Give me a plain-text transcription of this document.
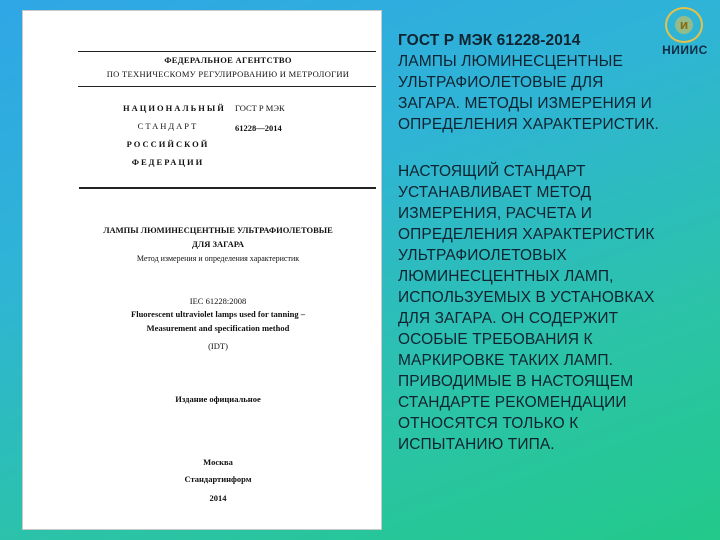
ФЕДЕРАЛЬНОЕ АГЕНТСТВО
ПО ТЕХНИЧЕСКОМУ РЕГУЛИРОВАНИЮ И МЕТРОЛОГИИ
НАЦИОНАЛЬНЫЙ
СТАНДАРТ
РОССИЙСКОЙ
ФЕДЕРАЦИИ
ГОСТ Р МЭК
61228—2014
ЛАМПЫ ЛЮМИНЕСЦЕНТНЫЕ УЛЬТРАФИОЛЕТОВЫЕ
ДЛЯ ЗАГАРА
Метод измерения и определения характеристик
IEC 61228:2008
Fluorescent ultraviolet lamps used for tanning –
Measurement and specification method
(IDT)
Издание официальное
Москва
Стандартинформ
2014
И
НИИИС
ГОСТ Р МЭК 61228-2014
ЛАМПЫ ЛЮМИНЕСЦЕНТНЫЕ
УЛЬТРАФИОЛЕТОВЫЕ ДЛЯ
ЗАГАРА. МЕТОДЫ ИЗМЕРЕНИЯ И
ОПРЕДЕЛЕНИЯ ХАРАКТЕРИСТИК.
НАСТОЯЩИЙ СТАНДАРТ
УСТАНАВЛИВАЕТ МЕТОД
ИЗМЕРЕНИЯ, РАСЧЕТА И
ОПРЕДЕЛЕНИЯ ХАРАКТЕРИСТИК
УЛЬТРАФИОЛЕТОВЫХ
ЛЮМИНЕСЦЕНТНЫХ ЛАМП,
ИСПОЛЬЗУЕМЫХ В УСТАНОВКАХ
ДЛЯ ЗАГАРА. ОН СОДЕРЖИТ
ОСОБЫЕ ТРЕБОВАНИЯ К
МАРКИРОВКЕ ТАКИХ ЛАМП.
ПРИВОДИМЫЕ В НАСТОЯЩЕМ
СТАНДАРТЕ РЕКОМЕНДАЦИИ
ОТНОСЯТСЯ ТОЛЬКО К
ИСПЫТАНИЮ ТИПА.
